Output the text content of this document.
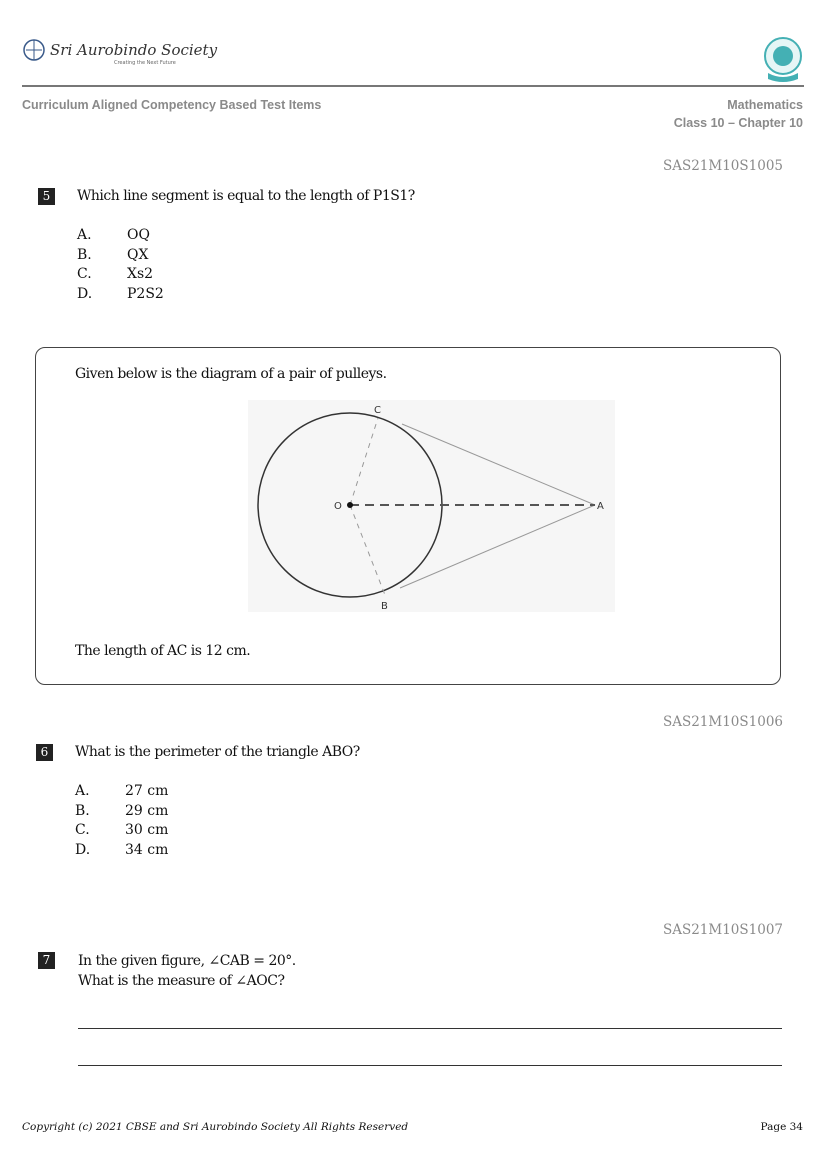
Sri Aurobindo Society
Creating the Next Future
Curriculum Aligned Competency Based Test Items	Mathematics
Class 10 – Chapter 10
SAS21M10S1005
5	Which line segment is equal to the length of P1S1?
A.	OQ
B.	QX
C.	Xs2
D. P2S2
Given below is the diagram of a pair of pulleys.
C
O	A
B
The length of AC is 12 cm.
SAS21M10S1006
6	What is the perimeter of the triangle ABO?
A.	27 cm
B.	29 cm
C.	30 cm
D. 34 cm
SAS21M10S1007
7	In the given figure, ∠CAB = 20°.
What is the measure of ∠AOC?
Copyright (c) 2021 CBSE and Sri Aurobindo Society All Rights Reserved	Page 34
